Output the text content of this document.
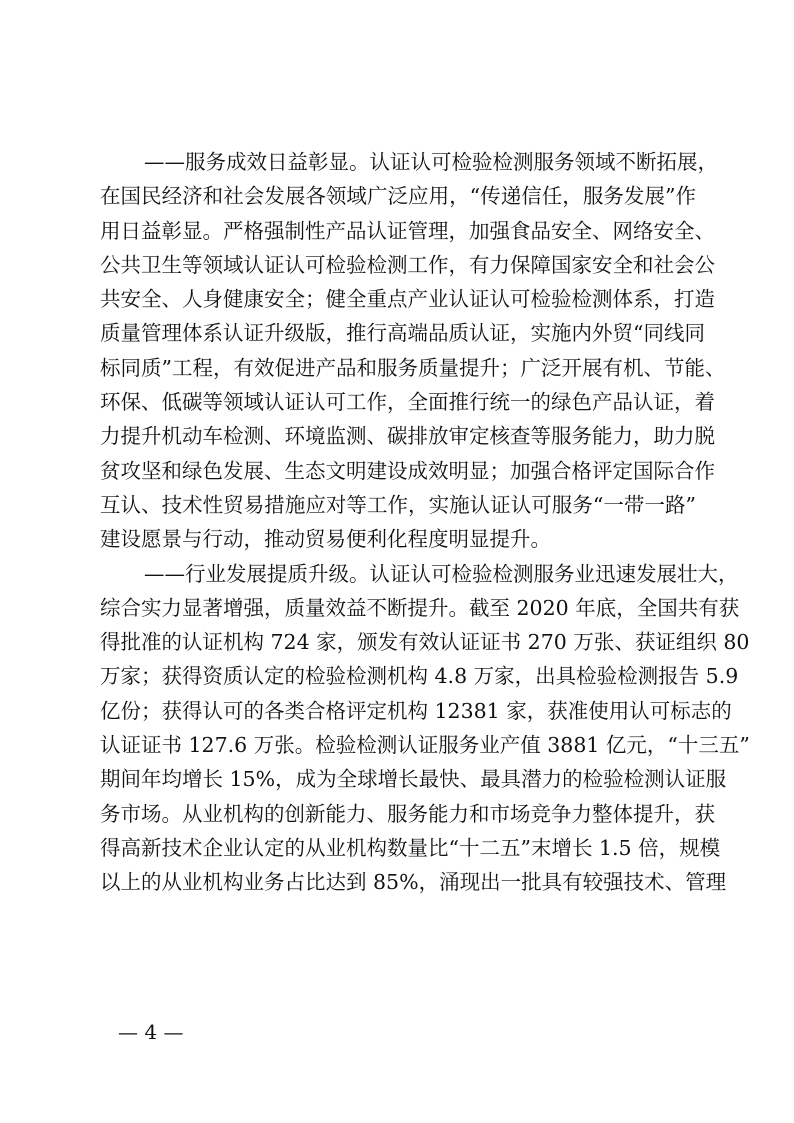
——服务成效日益彰显。认证认可检验检测服务领域不断拓展，
在国民经济和社会发展各领域广泛应用，“传递信任，服务发展”作
用日益彰显。严格强制性产品认证管理，加强食品安全、网络安全、
公共卫生等领域认证认可检验检测工作，有力保障国家安全和社会公
共安全、人身健康安全；健全重点产业认证认可检验检测体系，打造
质量管理体系认证升级版，推行高端品质认证，实施内外贸“同线同
标同质”工程，有效促进产品和服务质量提升；广泛开展有机、节能、
环保、低碳等领域认证认可工作，全面推行统一的绿色产品认证，着
力提升机动车检测、环境监测、碳排放审定核查等服务能力，助力脱
贫攻坚和绿色发展、生态文明建设成效明显；加强合格评定国际合作
互认、技术性贸易措施应对等工作，实施认证认可服务“一带一路”
建设愿景与行动，推动贸易便利化程度明显提升。
——行业发展提质升级。认证认可检验检测服务业迅速发展壮大，
综合实力显著增强，质量效益不断提升。截至 2020 年底，全国共有获
得批准的认证机构 724 家，颁发有效认证证书 270 万张、获证组织 80
万家；获得资质认定的检验检测机构 4.8 万家，出具检验检测报告 5.9
亿份；获得认可的各类合格评定机构 12381 家，获准使用认可标志的
认证证书 127.6 万张。检验检测认证服务业产值 3881 亿元，“十三五”
期间年均增长 15%，成为全球增长最快、最具潜力的检验检测认证服
务市场。从业机构的创新能力、服务能力和市场竞争力整体提升，获
得高新技术企业认定的从业机构数量比“十二五”末增长 1.5 倍，规模
以上的从业机构业务占比达到 85%，涌现出一批具有较强技术、管理
— 4 —
